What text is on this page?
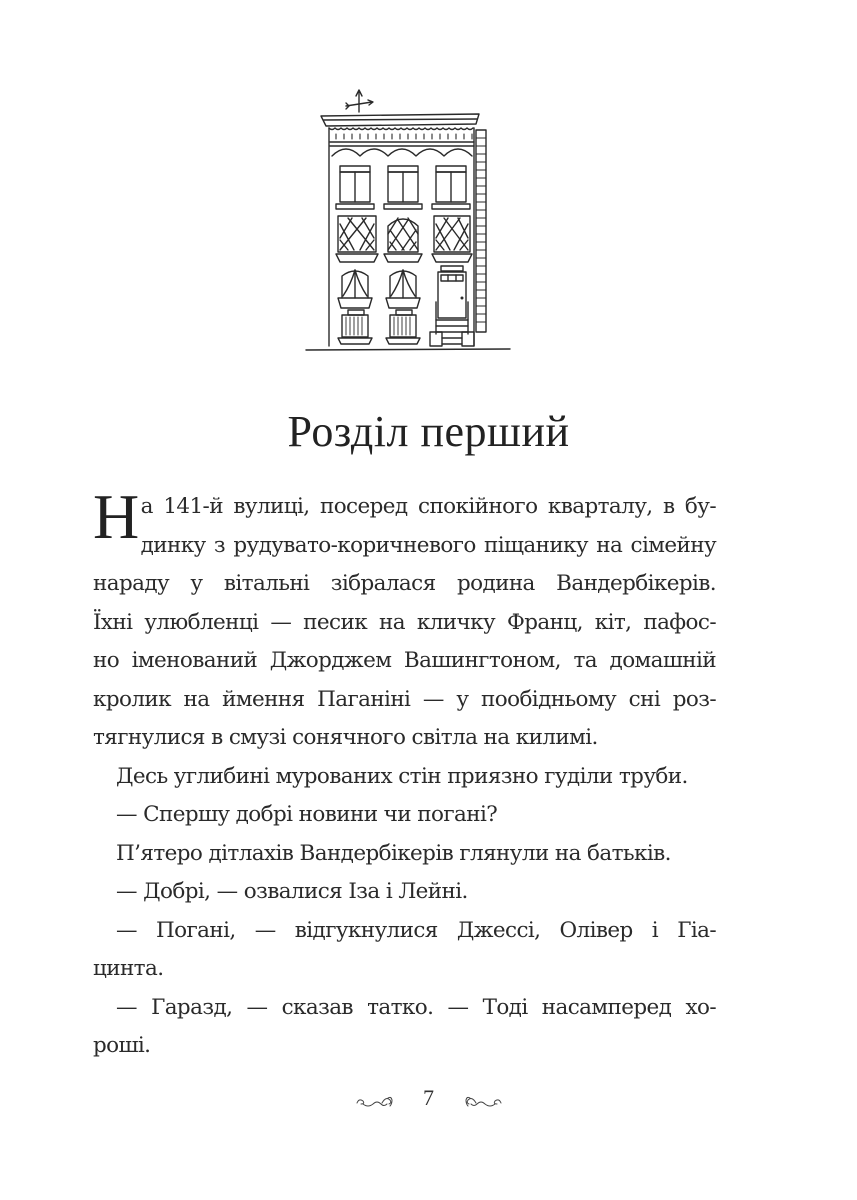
Розділ перший

Н а 141-й вулиці, посеред спокійного кварталу, в бу-
динку з рудувато-коричневого піщанику на сімейну
нараду у вітальні зібралася родина Вандербікерів.
Їхні улюбленці — песик на кличку Франц, кіт, пафос-
но іменований Джорджем Вашингтоном, та домашній
кролик на ймення Паганіні — у пообідньому сні роз-
тягнулися в смузі сонячного світла на килимі.

Десь углибині мурованих стін приязно гуділи труби.

— Спершу добрі новини чи погані?

П’ятеро дітлахів Вандербікерів глянули на батьків.

— Добрі, — озвалися Іза і Лейні.

— Погані, — відгукнулися Джессі, Олівер і Гіа-
цинта.

— Гаразд, — сказав татко. — Тоді насамперед хо-
роші.

7
